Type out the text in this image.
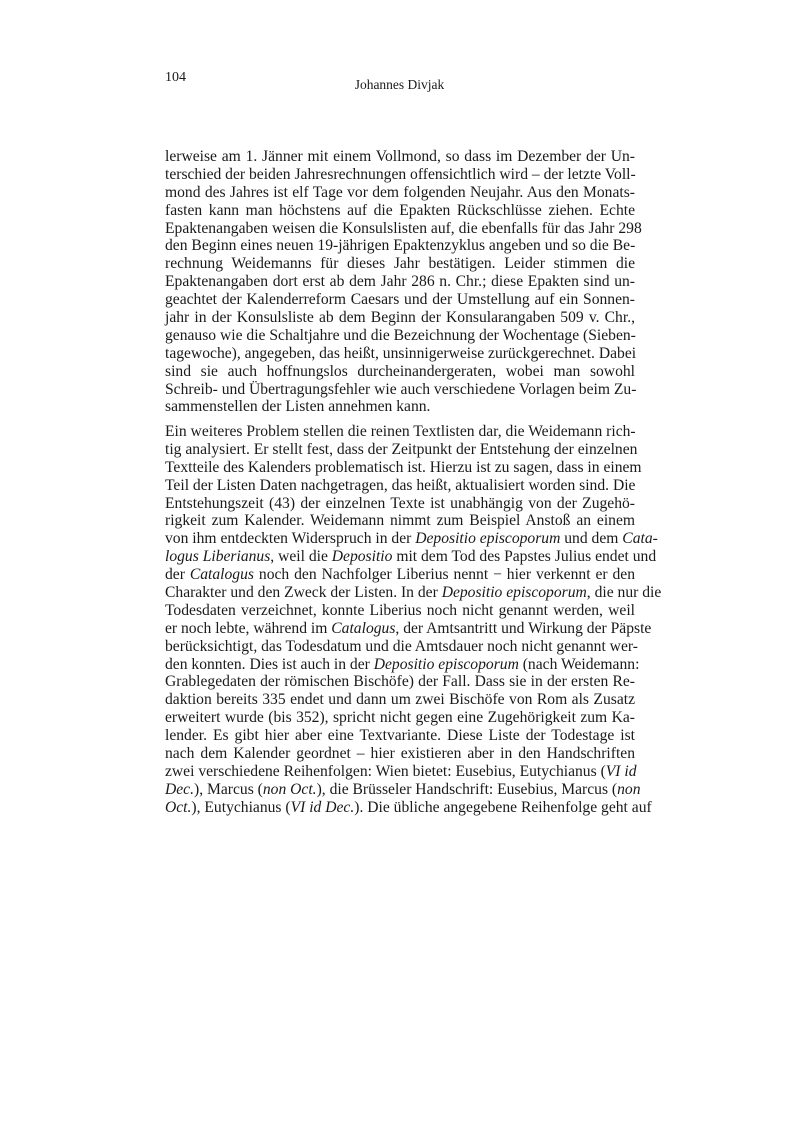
104	Johannes Divjak
lerweise am 1. Jänner mit einem Vollmond, so dass im Dezember der Un-
terschied der beiden Jahresrechnungen offensichtlich wird – der letzte Voll-
mond des Jahres ist elf Tage vor dem folgenden Neujahr. Aus den Monats-
fasten kann man höchstens auf die Epakten Rückschlüsse ziehen. Echte
Epaktenangaben weisen die Konsulslisten auf, die ebenfalls für das Jahr 298
den Beginn eines neuen 19-jährigen Epaktenzyklus angeben und so die Be-
rechnung Weidemanns für dieses Jahr bestätigen. Leider stimmen die
Epaktenangaben dort erst ab dem Jahr 286 n. Chr.; diese Epakten sind un-
geachtet der Kalenderreform Caesars und der Umstellung auf ein Sonnen-
jahr in der Konsulsliste ab dem Beginn der Konsularangaben 509 v. Chr.,
genauso wie die Schaltjahre und die Bezeichnung der Wochentage (Sieben-
tagewoche), angegeben, das heißt, unsinnigerweise zurückgerechnet. Dabei
sind sie auch hoffnungslos durcheinandergeraten, wobei man sowohl
Schreib- und Übertragungsfehler wie auch verschiedene Vorlagen beim Zu-
sammenstellen der Listen annehmen kann.
Ein weiteres Problem stellen die reinen Textlisten dar, die Weidemann rich-
tig analysiert. Er stellt fest, dass der Zeitpunkt der Entstehung der einzelnen
Textteile des Kalenders problematisch ist. Hierzu ist zu sagen, dass in einem
Teil der Listen Daten nachgetragen, das heißt, aktualisiert worden sind. Die
Entstehungszeit (43) der einzelnen Texte ist unabhängig von der Zugehö-
rigkeit zum Kalender. Weidemann nimmt zum Beispiel Anstoß an einem
von ihm entdeckten Widerspruch in der Depositio episcoporum und dem Cata-
logus Liberianus, weil die Depositio mit dem Tod des Papstes Julius endet und
der Catalogus noch den Nachfolger Liberius nennt − hier verkennt er den
Charakter und den Zweck der Listen. In der Depositio episcoporum, die nur die
Todesdaten verzeichnet, konnte Liberius noch nicht genannt werden, weil
er noch lebte, während im Catalogus, der Amtsantritt und Wirkung der Päpste
berücksichtigt, das Todesdatum und die Amtsdauer noch nicht genannt wer-
den konnten. Dies ist auch in der Depositio episcoporum (nach Weidemann:
Grablegedaten der römischen Bischöfe) der Fall. Dass sie in der ersten Re-
daktion bereits 335 endet und dann um zwei Bischöfe von Rom als Zusatz
erweitert wurde (bis 352), spricht nicht gegen eine Zugehörigkeit zum Ka-
lender. Es gibt hier aber eine Textvariante. Diese Liste der Todestage ist
nach dem Kalender geordnet – hier existieren aber in den Handschriften
zwei verschiedene Reihenfolgen: Wien bietet: Eusebius, Eutychianus (VI id
Dec.), Marcus (non Oct.), die Brüsseler Handschrift: Eusebius, Marcus (non
Oct.), Eutychianus (VI id Dec.). Die übliche angegebene Reihenfolge geht auf
